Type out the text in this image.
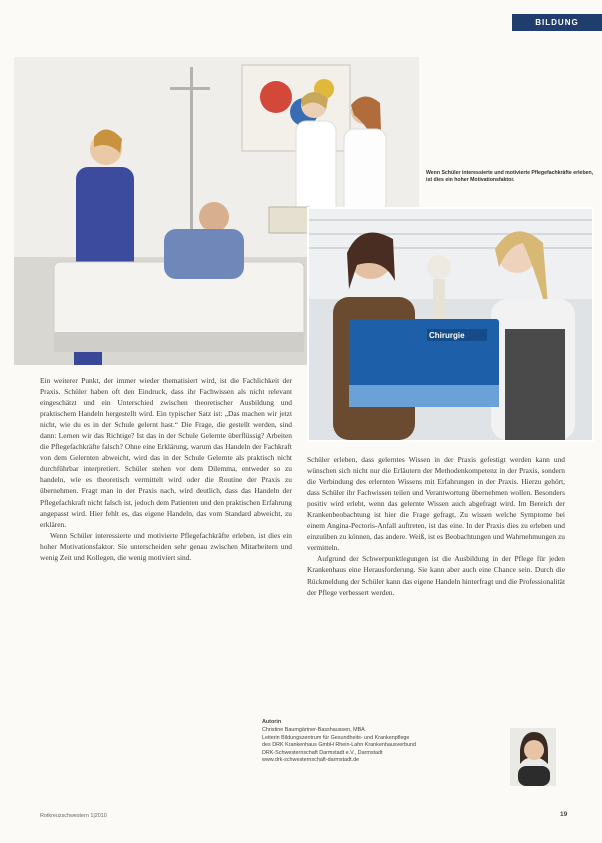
BILDUNG
Wenn Schüler interessierte und motivierte Pflegefachkräfte erleben, ist dies ein hoher Motivationsfaktor.
Chirurgie

Ein weiterer Punkt, der immer wieder thematisiert wird, ist die Fachlichkeit der Praxis. Schüler haben oft den Eindruck, dass ihr Fachwissen als nicht relevant eingeschätzt und ein Unterschied zwischen theoretischer Ausbildung und praktischem Handeln hergestellt wird. Ein typischer Satz ist: „Das machen wir jetzt nicht, wie du es in der Schule gelernt hast.“ Die Frage, die gestellt werden, sind dann: Lernen wir das Richtige? Ist das in der Schule Gelernte überflüssig? Arbeiten die Pflegefachkräfte falsch? Ohne eine Erklärung, warum das Handeln der Fachkraft von dem Gelernten abweicht, wird das in der Schule Gelernte als praktisch nicht durchführbar interpretiert. Schüler stehen vor dem Dilemma, entweder so zu handeln, wie es theoretisch vermittelt wird oder die Routine der Praxis zu übernehmen. Fragt man in der Praxis nach, wird deutlich, dass das Handeln der Pflegefachkraft nicht falsch ist, jedoch dem Patienten und den praktischen Erfahrung angepasst wird. Hier fehlt es, das eigene Handeln, das vom Standard abweicht, zu erklären.

Wenn Schüler interessierte und motivierte Pflegefachkräfte erleben, ist dies ein hoher Motivationsfaktor. Sie unterscheiden sehr genau zwischen Mitarbeitern und wenig Zeit und Kollegen, die wenig motiviert sind.

Schüler erleben, dass gelerntes Wissen in der Praxis gefestigt werden kann und wünschen sich nicht nur die Erläutern der Methodenkompetenz in der Praxis, sondern die Verbindung des erlernten Wissens mit Erfahrungen in der Praxis. Hierzu gehört, dass Schüler ihr Fachwissen teilen und Verantwortung übernehmen wollen. Besonders positiv wird erlebt, wenn das gelernte Wissen auch abgefragt wird. Im Bereich der Krankenbeobachtung ist hier die Frage gefragt, Zu wissen welche Symptome bei einem Angina-Pectoris-Anfall auftreten, ist das eine. In der Praxis dies zu erleben und einzuüben zu können, das andere. Weiß, ist es Beobachtungen und Wahrnehmungen zu vermitteln.

Aufgrund der Schwerpunktlegungen ist die Ausbildung in der Pflege für jeden Krankenhaus eine Herausforderung. Sie kann aber auch eine Chance sein. Durch die Rückmeldung der Schüler kann das eigene Handeln hinterfragt und die Professionalität der Pflege verbessert werden.

Autorin
Christine Baumgärtner-Basshaussen, MBA
Leiterin Bildungszentrum für Gesundheits- und Krankenpflege
des DRK Krankenhaus GmbH Rhein-Lahn Krankenhausverbund
DRK-Schwesternschaft Darmstadt e.V., Darmstadt
www.drk-schwesternschaft-darmstadt.de
Rotkreuzschwestern 1|2010	19
